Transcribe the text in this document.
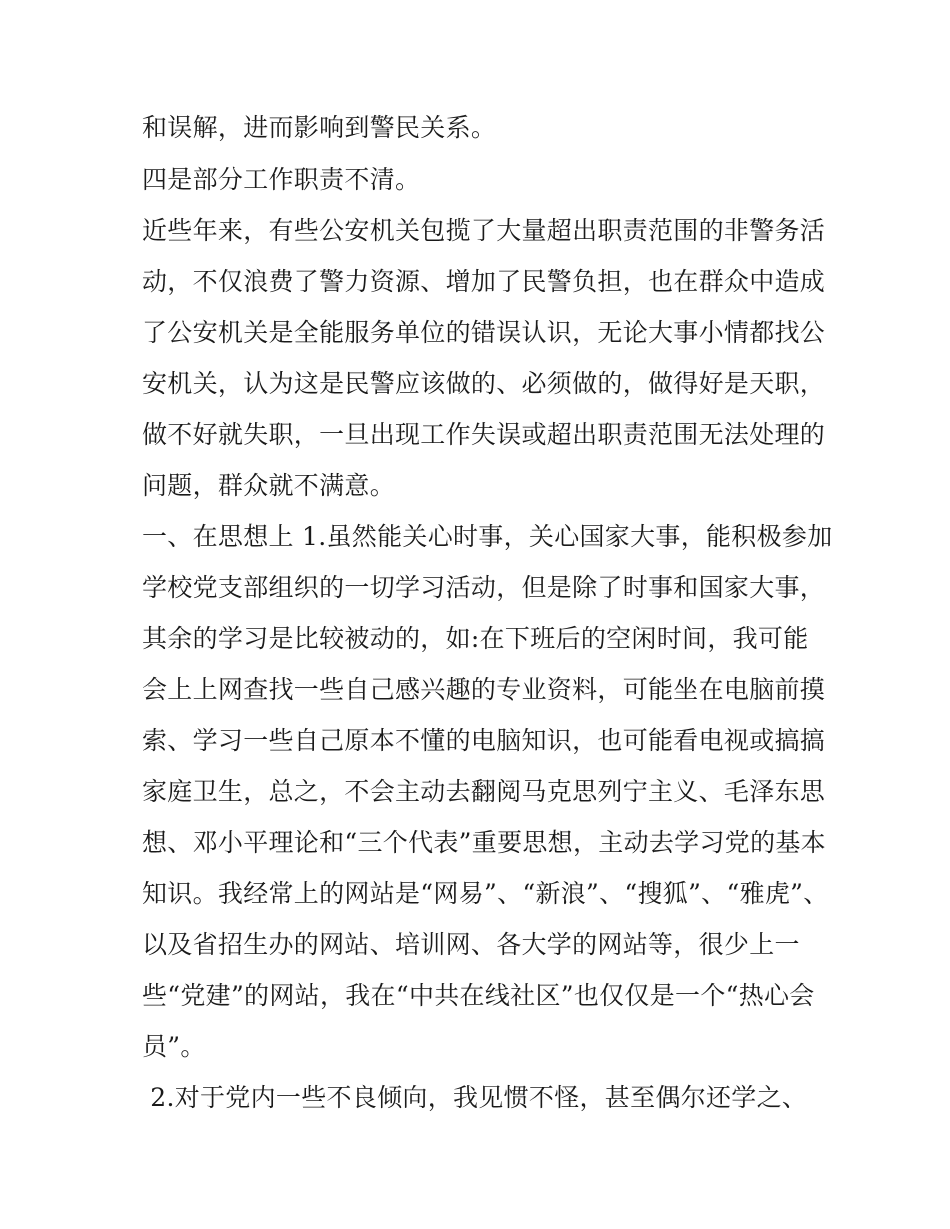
和误解，进而影响到警民关系。
四是部分工作职责不清。
近些年来，有些公安机关包揽了大量超出职责范围的非警务活
动，不仅浪费了警力资源、增加了民警负担，也在群众中造成
了公安机关是全能服务单位的错误认识，无论大事小情都找公
安机关，认为这是民警应该做的、必须做的，做得好是天职，
做不好就失职，一旦出现工作失误或超出职责范围无法处理的
问题，群众就不满意。
一、在思想上 1.虽然能关心时事，关心国家大事，能积极参加
学校党支部组织的一切学习活动，但是除了时事和国家大事，
其余的学习是比较被动的，如:在下班后的空闲时间，我可能
会上上网查找一些自己感兴趣的专业资料，可能坐在电脑前摸
索、学习一些自己原本不懂的电脑知识，也可能看电视或搞搞
家庭卫生，总之，不会主动去翻阅马克思列宁主义、毛泽东思
想、邓小平理论和“三个代表”重要思想，主动去学习党的基本
知识。我经常上的网站是“网易”、“新浪”、“搜狐”、“雅虎”、
以及省招生办的网站、培训网、各大学的网站等，很少上一
些“党建”的网站，我在“中共在线社区”也仅仅是一个“热心会
员”。
2.对于党内一些不良倾向，我见惯不怪，甚至偶尔还学之、
